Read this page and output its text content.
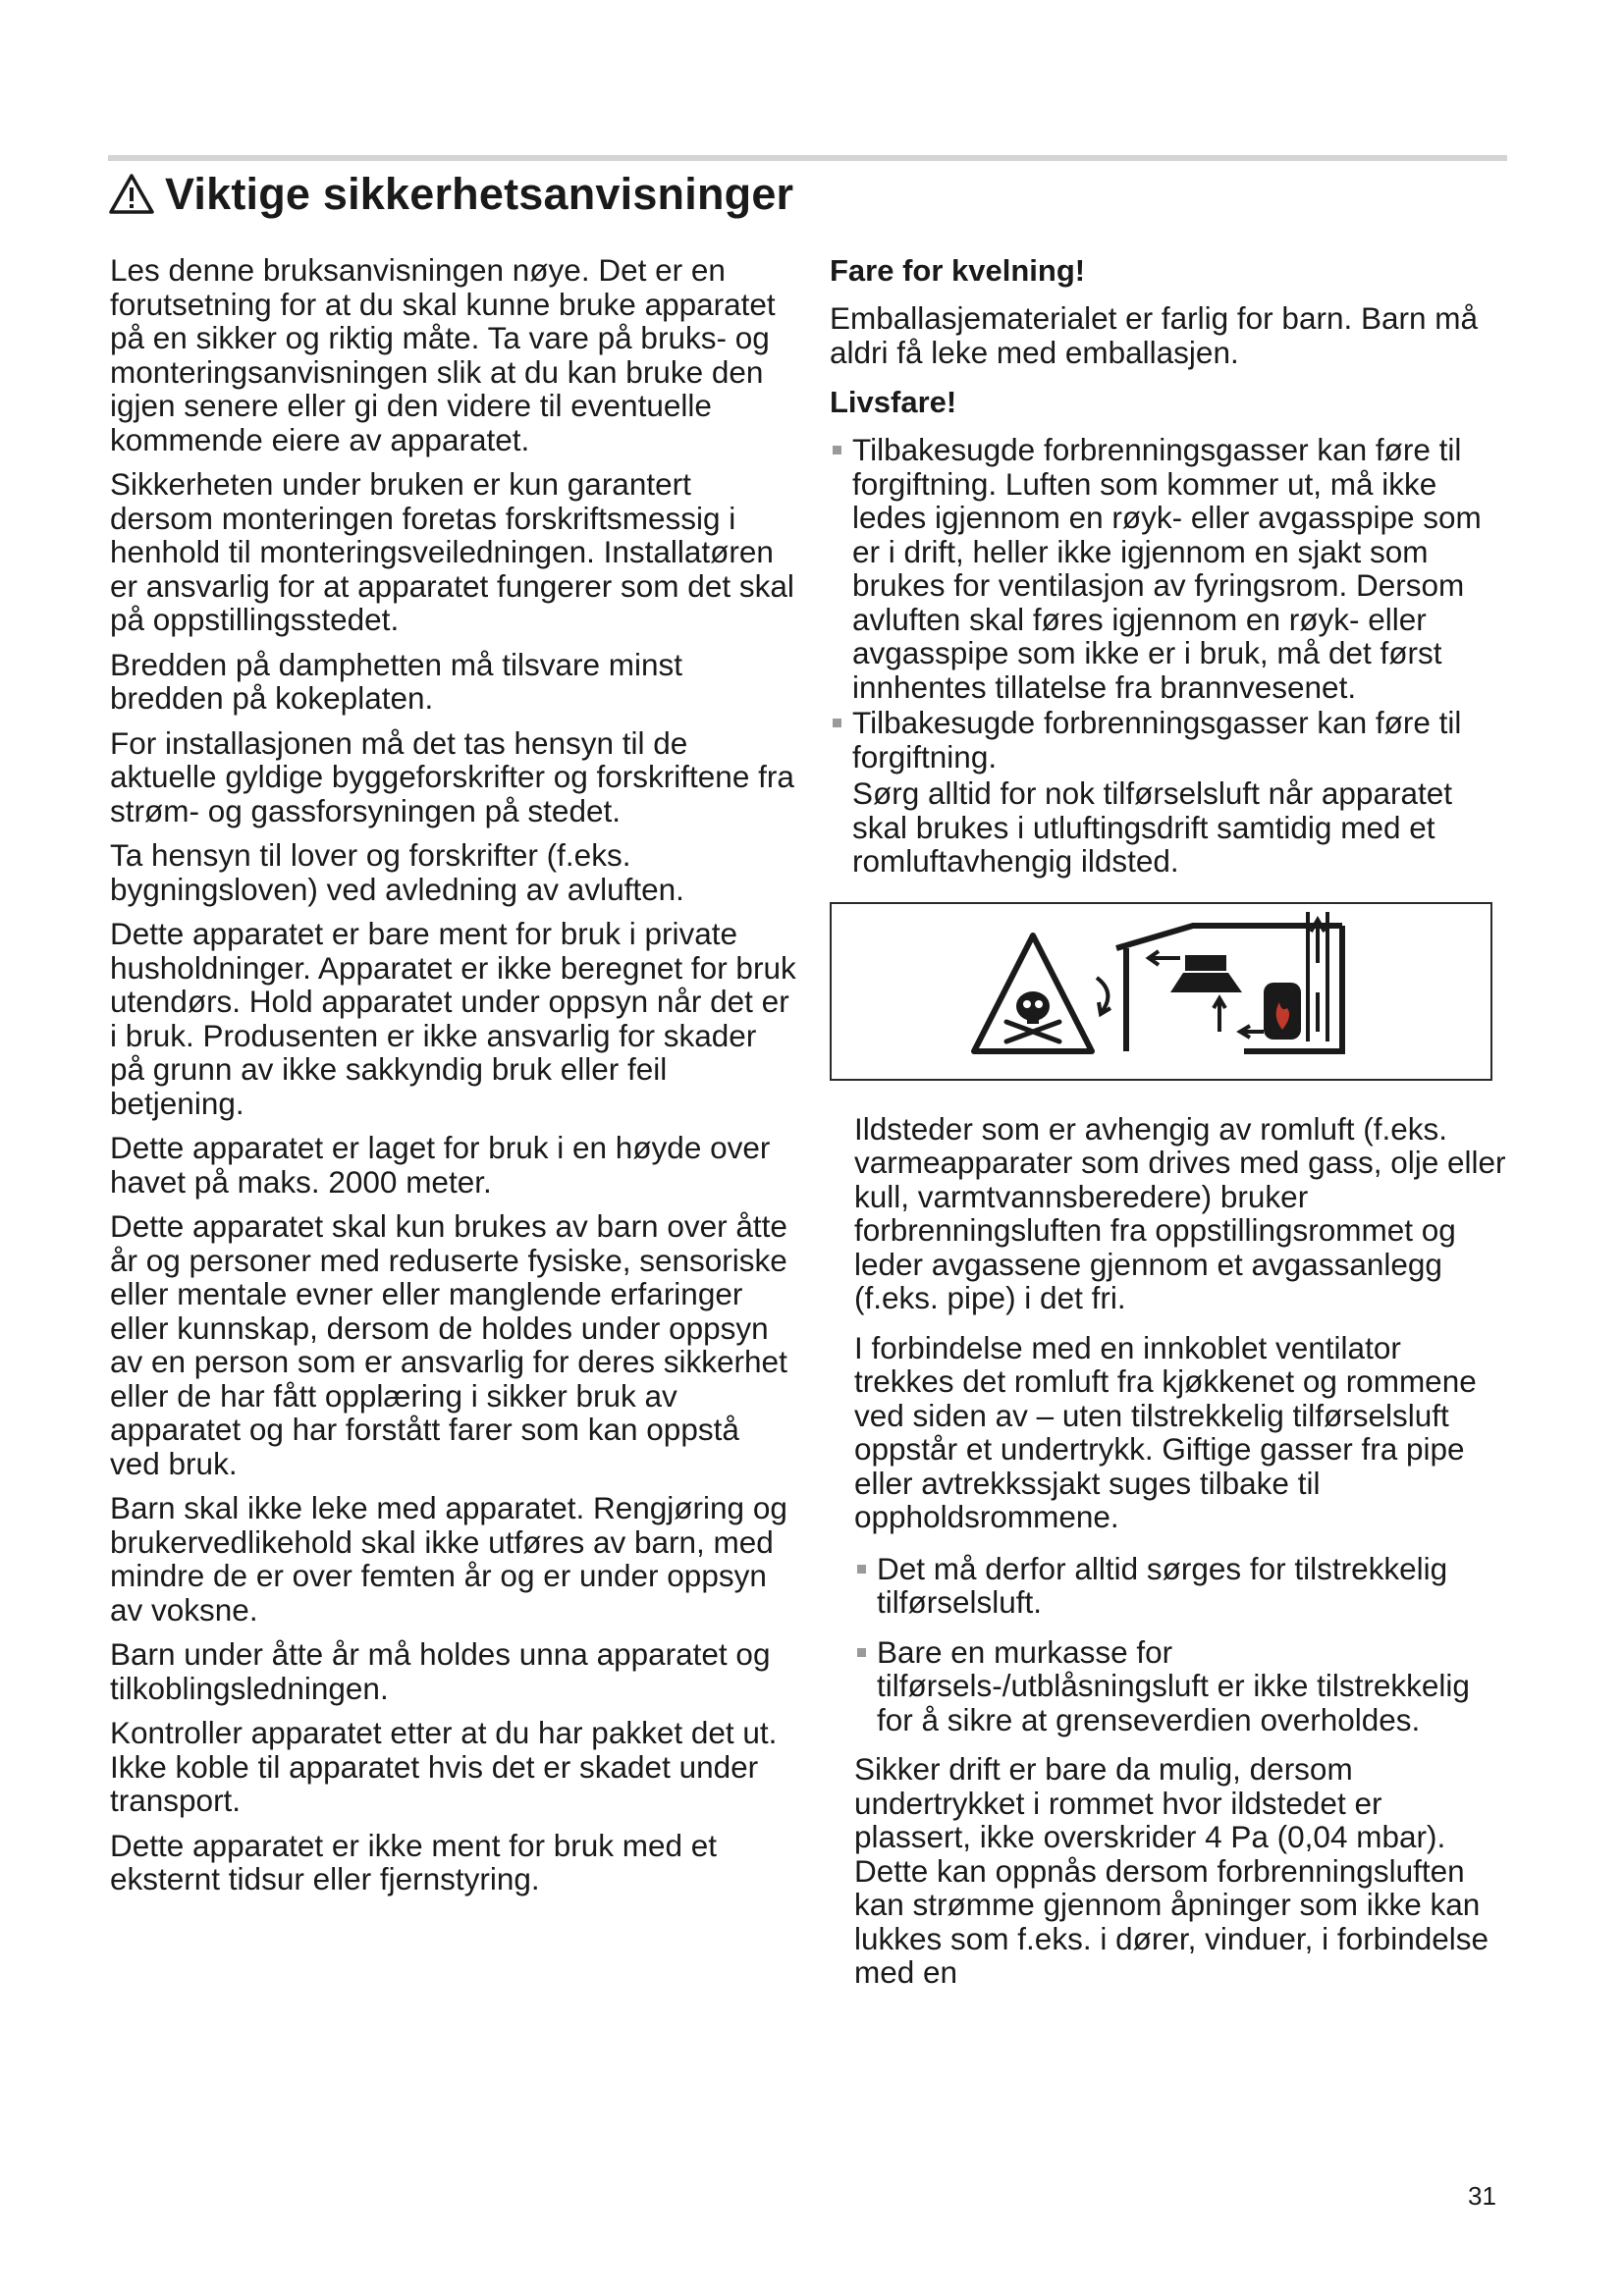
Viktige sikkerhetsanvisninger

Les denne bruksanvisningen nøye. Det er en forutsetning for at du skal kunne bruke apparatet på en sikker og riktig måte. Ta vare på bruks- og monteringsanvisningen slik at du kan bruke den igjen senere eller gi den videre til eventuelle kommende eiere av apparatet.

Sikkerheten under bruken er kun garantert dersom monteringen foretas forskriftsmessig i henhold til monteringsveiledningen. Installatøren er ansvarlig for at apparatet fungerer som det skal på oppstillingsstedet.

Bredden på damphetten må tilsvare minst bredden på kokeplaten.

For installasjonen må det tas hensyn til de aktuelle gyldige byggeforskrifter og forskriftene fra strøm- og gassforsyningen på stedet.

Ta hensyn til lover og forskrifter (f.eks. bygningsloven) ved avledning av avluften.

Dette apparatet er bare ment for bruk i private husholdninger. Apparatet er ikke beregnet for bruk utendørs. Hold apparatet under oppsyn når det er i bruk. Produsenten er ikke ansvarlig for skader på grunn av ikke sakkyndig bruk eller feil betjening.

Dette apparatet er laget for bruk i en høyde over havet på maks. 2000 meter.

Dette apparatet skal kun brukes av barn over åtte år og personer med reduserte fysiske, sensoriske eller mentale evner eller manglende erfaringer eller kunnskap, dersom de holdes under oppsyn av en person som er ansvarlig for deres sikkerhet eller de har fått opplæring i sikker bruk av apparatet og har forstått farer som kan oppstå ved bruk.

Barn skal ikke leke med apparatet. Rengjøring og brukervedlikehold skal ikke utføres av barn, med mindre de er over femten år og er under oppsyn av voksne.

Barn under åtte år må holdes unna apparatet og tilkoblingsledningen.

Kontroller apparatet etter at du har pakket det ut. Ikke koble til apparatet hvis det er skadet under transport.

Dette apparatet er ikke ment for bruk med et eksternt tidsur eller fjernstyring.

Fare for kvelning!

Emballasjematerialet er farlig for barn. Barn må aldri få leke med emballasjen.

Livsfare!
Tilbakesugde forbrenningsgasser kan føre til forgiftning. Luften som kommer ut, må ikke ledes igjennom en røyk- eller avgasspipe som er i drift, heller ikke igjennom en sjakt som brukes for ventilasjon av fyringsrom. Dersom avluften skal føres igjennom en røyk- eller avgasspipe som ikke er i bruk, må det først innhentes tillatelse fra brannvesenet.
Tilbakesugde forbrenningsgasser kan føre til forgiftning.
Sørg alltid for nok tilførselsluft når apparatet skal brukes i utluftingsdrift samtidig med et romluftavhengig ildsted.

Ildsteder som er avhengig av romluft (f.eks. varmeapparater som drives med gass, olje eller kull, varmtvannsberedere) bruker forbrenningsluften fra oppstillingsrommet og leder avgassene gjennom et avgassanlegg (f.eks. pipe) i det fri.

I forbindelse med en innkoblet ventilator trekkes det romluft fra kjøkkenet og rommene ved siden av – uten tilstrekkelig tilførselsluft oppstår et undertrykk. Giftige gasser fra pipe eller avtrekkssjakt suges tilbake til oppholdsrommene.

Det må derfor alltid sørges for tilstrekkelig tilførselsluft.
Bare en murkasse for tilførsels-/utblåsningsluft er ikke tilstrekkelig for å sikre at grenseverdien overholdes.

Sikker drift er bare da mulig, dersom undertrykket i rommet hvor ildstedet er plassert, ikke overskrider 4 Pa (0,04 mbar). Dette kan oppnås dersom forbrenningsluften kan strømme gjennom åpninger som ikke kan lukkes som f.eks. i dører, vinduer, i forbindelse med en

31
